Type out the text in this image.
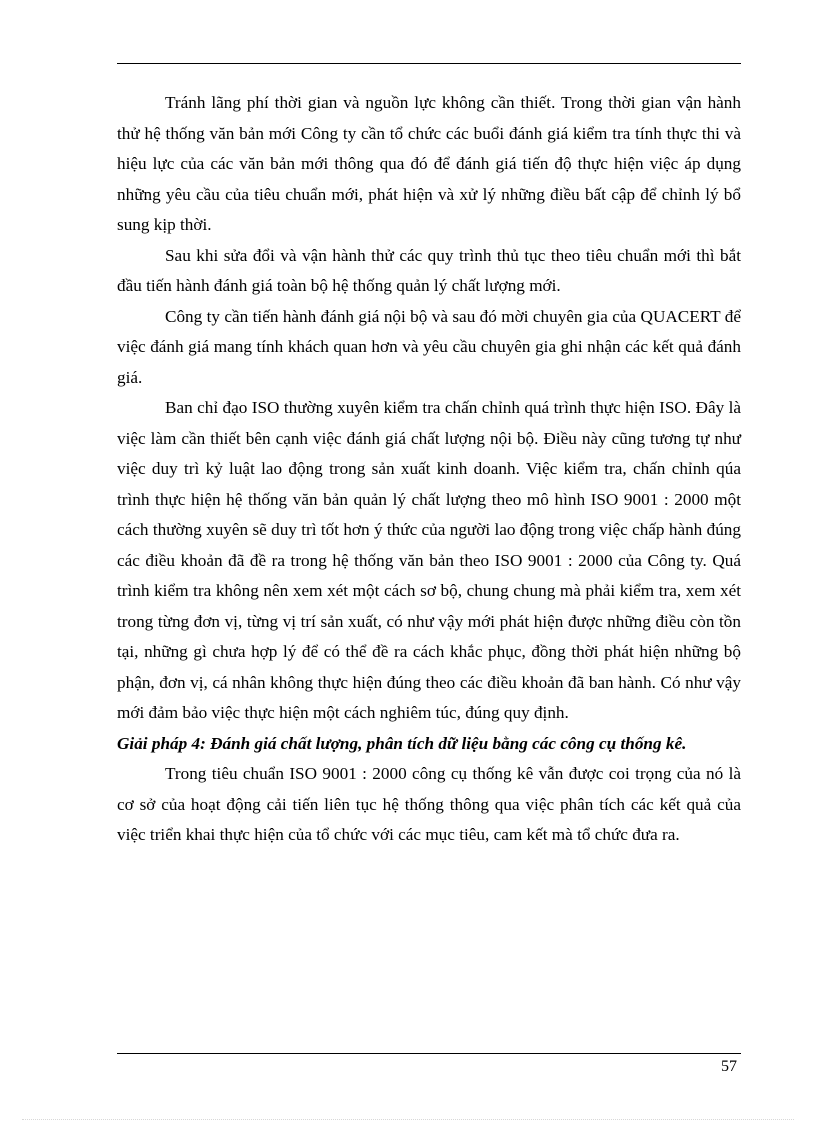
Tránh lãng phí thời gian và nguồn lực không cần thiết. Trong thời gian vận hành thử hệ thống văn bản mới Công ty cần tổ chức các buổi đánh giá kiểm tra tính thực thi và hiệu lực của các văn bản mới thông qua đó để đánh giá tiến độ thực hiện việc áp dụng những yêu cầu của tiêu chuẩn mới, phát hiện và xử lý những điều bất cập để chỉnh lý bổ sung kịp thời.

Sau khi sửa đổi và vận hành thử các quy trình thủ tục theo tiêu chuẩn mới thì bắt đầu tiến hành đánh giá toàn bộ hệ thống quản lý chất lượng mới.

Công ty cần tiến hành đánh giá nội bộ và sau đó mời chuyên gia của QUACERT để việc đánh giá mang tính khách quan hơn và yêu cầu chuyên gia ghi nhận các kết quả đánh giá.

Ban chỉ đạo ISO thường xuyên kiểm tra chấn chỉnh quá trình thực hiện ISO. Đây là việc làm cần thiết bên cạnh việc đánh giá chất lượng nội bộ. Điều này cũng tương tự như việc duy trì kỷ luật lao động trong sản xuất kinh doanh. Việc kiểm tra, chấn chỉnh qúa trình thực hiện hệ thống văn bản quản lý chất lượng theo mô hình ISO 9001 : 2000 một cách thường xuyên sẽ duy trì tốt hơn ý thức của người lao động trong việc chấp hành đúng các điều khoản đã đề ra trong hệ thống văn bản theo ISO 9001 : 2000 của Công ty. Quá trình kiểm tra không nên xem xét một cách sơ bộ, chung chung mà phải kiểm tra, xem xét trong từng đơn vị, từng vị trí sản xuất, có như vậy mới phát hiện được những điều còn tồn tại, những gì chưa hợp lý để có thể đề ra cách khắc phục, đồng thời phát hiện những bộ phận, đơn vị, cá nhân không thực hiện đúng theo các điều khoản đã ban hành. Có như vậy mới đảm bảo việc thực hiện một cách nghiêm túc, đúng quy định.

Giải pháp 4: Đánh giá chất lượng, phân tích dữ liệu bằng các công cụ thống kê.

Trong tiêu chuẩn ISO 9001 : 2000 công cụ thống kê vẫn được coi trọng của nó là cơ sở của hoạt động cải tiến liên tục hệ thống thông qua việc phân tích các kết quả của việc triển khai thực hiện của tổ chức với các mục tiêu, cam kết mà tổ chức đưa ra.

57
